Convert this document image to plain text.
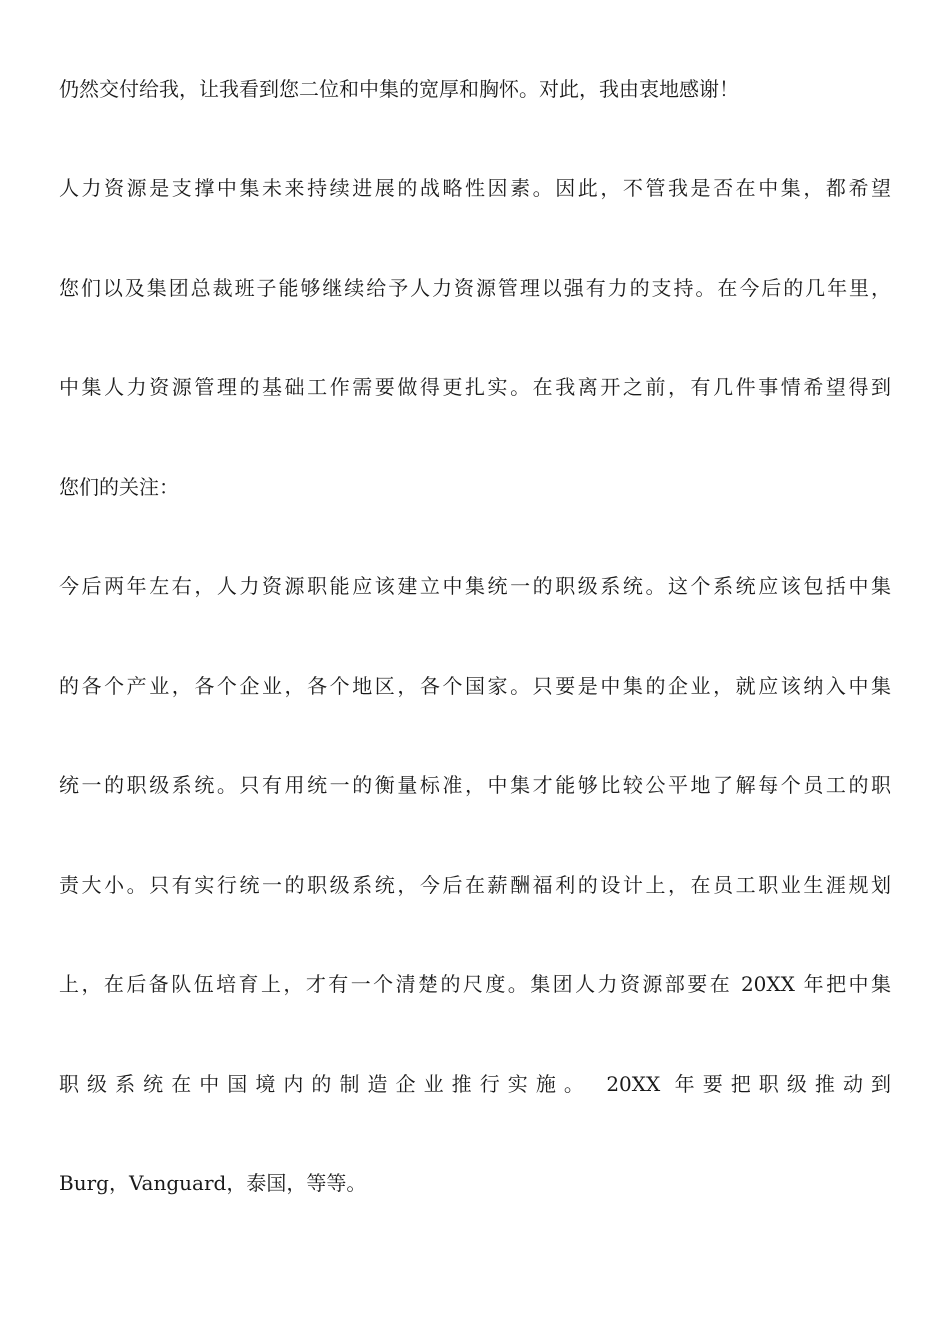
仍然交付给我，让我看到您二位和中集的宽厚和胸怀。对此，我由衷地感谢！
人力资源是支撑中集未来持续进展的战略性因素。因此，不管我是否在中集，都希望
您们以及集团总裁班子能够继续给予人力资源管理以强有力的支持。在今后的几年里，
中集人力资源管理的基础工作需要做得更扎实。在我离开之前，有几件事情希望得到
您们的关注：
今后两年左右，人力资源职能应该建立中集统一的职级系统。这个系统应该包括中集
的各个产业，各个企业，各个地区，各个国家。只要是中集的企业，就应该纳入中集
统一的职级系统。只有用统一的衡量标准，中集才能够比较公平地了解每个员工的职
责大小。只有实行统一的职级系统，今后在薪酬福利的设计上，在员工职业生涯规划
上，在后备队伍培育上，才有一个清楚的尺度。集团人力资源部要在 20XX 年把中集
职级系统在中国境内的制造企业推行实施。 20XX 年要把职级推动到
Burg，Vanguard，泰国，等等。
